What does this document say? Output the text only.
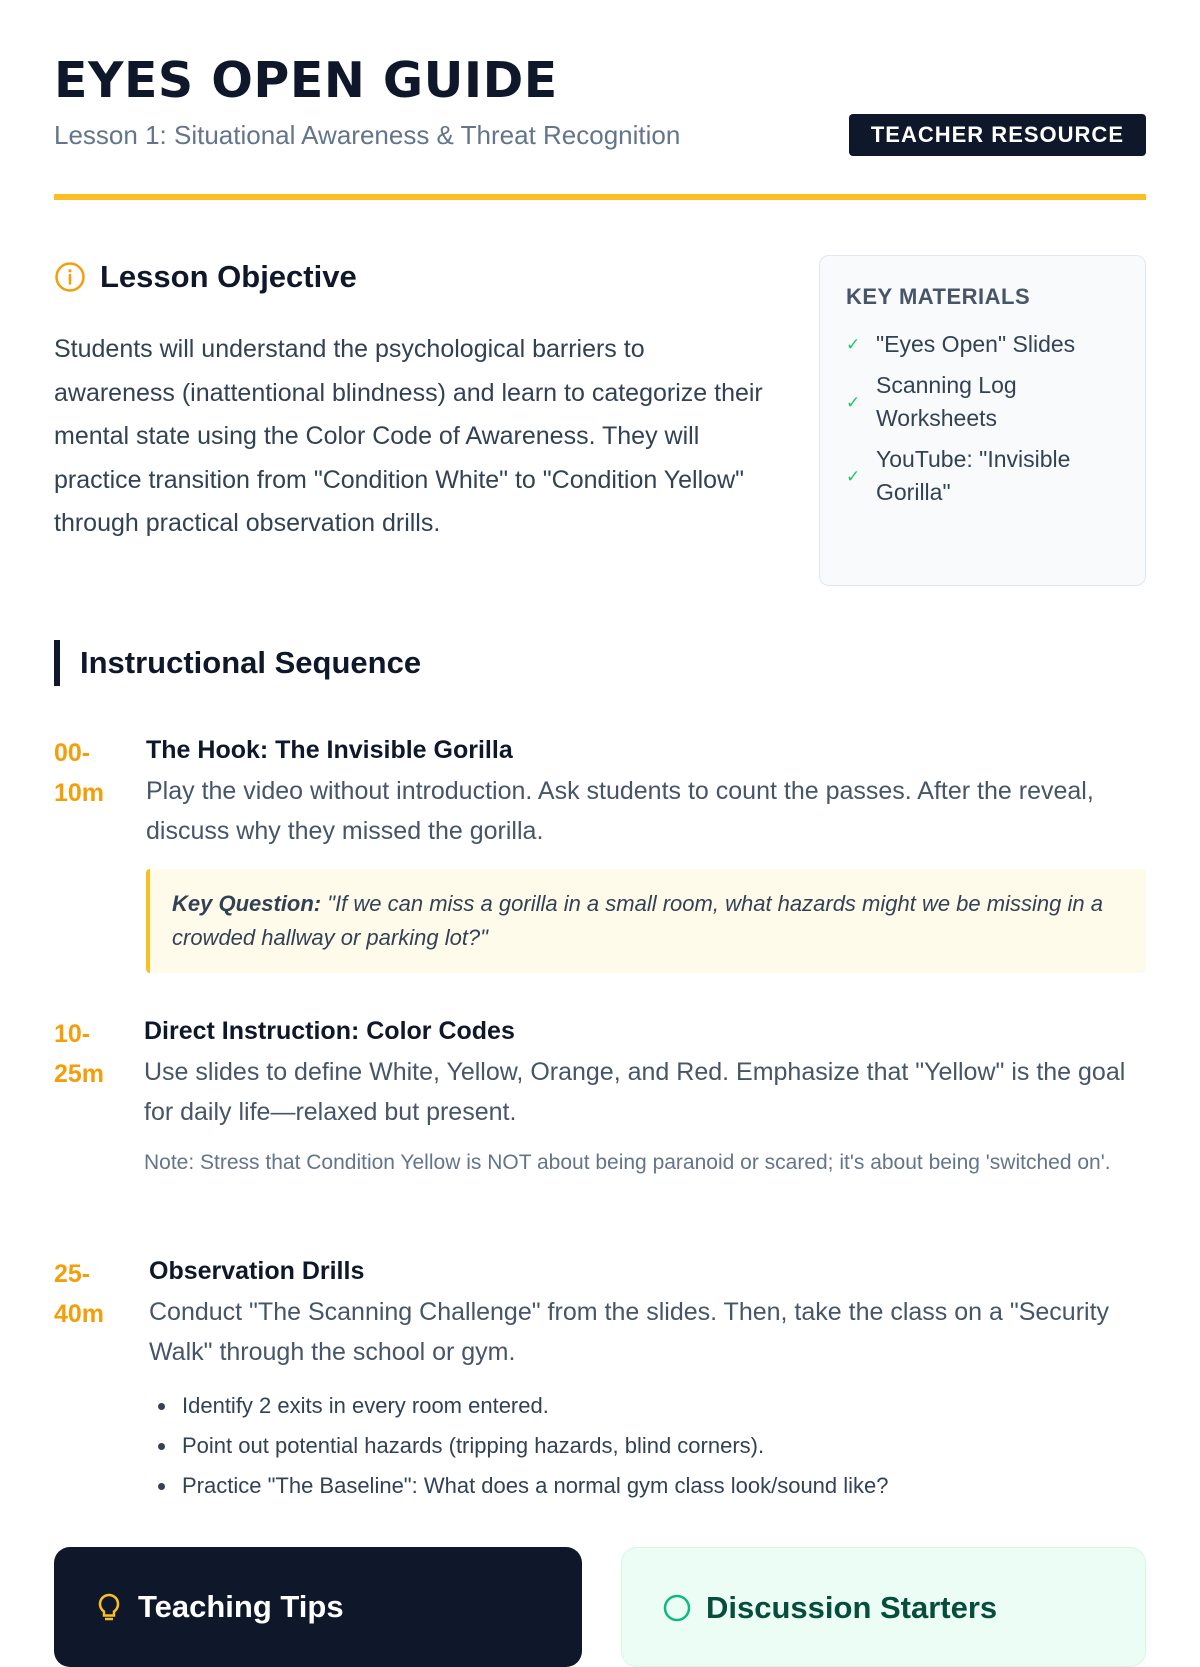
EYES OPEN GUIDE
Lesson 1: Situational Awareness & Threat Recognition	TEACHER RESOURCE
Lesson Objective

Students will understand the psychological barriers to awareness (inattentional blindness) and learn to categorize their mental state using the Color Code of Awareness. They will practice transition from "Condition White" to "Condition Yellow" through practical observation drills.

KEY MATERIALS
✓ "Eyes Open" Slides
✓
Scanning Log Worksheets
✓
YouTube: "Invisible Gorilla"
Instructional Sequence
00-10m
The Hook: The Invisible Gorilla
Play the video without introduction. Ask students to count the passes. After the reveal, discuss why they missed the gorilla.
Key Question: "If we can miss a gorilla in a small room, what hazards might we be missing in a crowded hallway or parking lot?"
10-25m
Direct Instruction: Color Codes
Use slides to define White, Yellow, Orange, and Red. Emphasize that "Yellow" is the goal for daily life—relaxed but present.
Note: Stress that Condition Yellow is NOT about being paranoid or scared; it's about being 'switched on'.
25-40m
Observation Drills
Conduct "The Scanning Challenge" from the slides. Then, take the class on a "Security Walk" through the school or gym.
Identify 2 exits in every room entered.
Point out potential hazards (tripping hazards, blind corners).
Practice "The Baseline": What does a normal gym class look/sound like?
Teaching Tips	Discussion Starters
